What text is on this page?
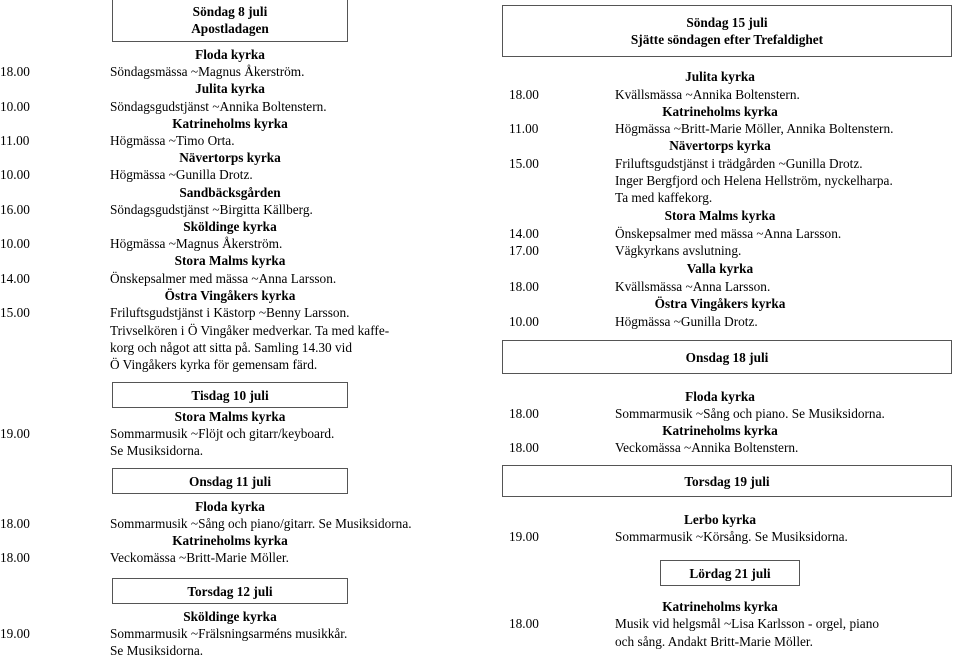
Söndag 8 juli
Apostladagen
Floda kyrka
18.00	Söndagsmässa ~Magnus Åkerström.
Julita kyrka
10.00	Söndagsgudstjänst ~Annika Boltenstern.
Katrineholms kyrka
11.00	Högmässa ~Timo Orta.
Nävertorps kyrka
10.00	Högmässa ~Gunilla Drotz.
Sandbäcksgården
16.00	Söndagsgudstjänst ~Birgitta Källberg.
Sköldinge kyrka
10.00	Högmässa ~Magnus Åkerström.
Stora Malms kyrka
14.00	Önskepsalmer med mässa ~Anna Larsson.
Östra Vingåkers kyrka
15.00	Friluftsgudstjänst i Kästorp ~Benny Larsson.
Trivselkören i Ö Vingåker medverkar. Ta med kaffe-
korg och något att sitta på. Samling 14.30 vid
Ö Vingåkers kyrka för gemensam färd.
Tisdag 10 juli
Stora Malms kyrka
19.00	Sommarmusik ~Flöjt och gitarr/keyboard.
Se Musiksidorna.
Onsdag 11 juli
Floda kyrka
18.00	Sommarmusik ~Sång och piano/gitarr. Se Musiksidorna.
Katrineholms kyrka
18.00	Veckomässa ~Britt-Marie Möller.
Torsdag 12 juli
Sköldinge kyrka
19.00	Sommarmusik ~Frälsningsarméns musikkår.
Se Musiksidorna.
Söndag 15 juli
Sjätte söndagen efter Trefaldighet
Julita kyrka
18.00	Kvällsmässa ~Annika Boltenstern.
Katrineholms kyrka
11.00	Högmässa ~Britt-Marie Möller, Annika Boltenstern.
Nävertorps kyrka
15.00	Friluftsgudstjänst i trädgården ~Gunilla Drotz.
Inger Bergfjord och Helena Hellström, nyckelharpa.
Ta med kaffekorg.
Stora Malms kyrka
14.00	Önskepsalmer med mässa ~Anna Larsson.
17.00	Vägkyrkans avslutning.
Valla kyrka
18.00	Kvällsmässa ~Anna Larsson.
Östra Vingåkers kyrka
10.00	Högmässa ~Gunilla Drotz.
Onsdag 18 juli
Floda kyrka
18.00	Sommarmusik ~Sång och piano. Se Musiksidorna.
Katrineholms kyrka
18.00	Veckomässa ~Annika Boltenstern.
Torsdag 19 juli
Lerbo kyrka
19.00	Sommarmusik ~Körsång. Se Musiksidorna.
Lördag 21 juli
Katrineholms kyrka
18.00	Musik vid helgsmål ~Lisa Karlsson - orgel, piano
och sång. Andakt Britt-Marie Möller.
